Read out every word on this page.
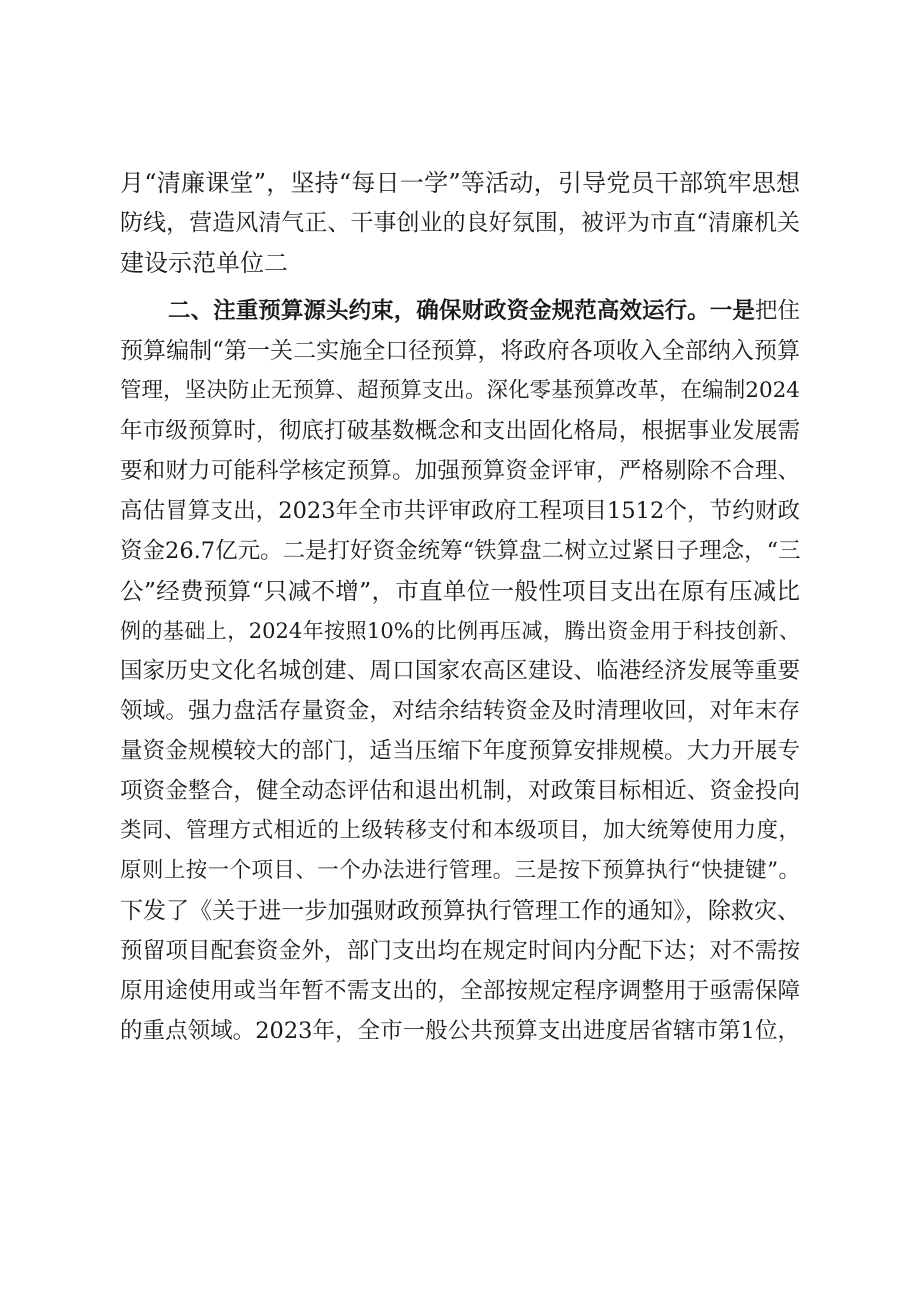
月“清廉课堂”，坚持“每日一学”等活动，引导党员干部筑牢思想
防线，营造风清气正、干事创业的良好氛围，被评为市直“清廉机关
建设示范单位二
二、注重预算源头约束，确保财政资金规范高效运行。一是把住
预算编制“第一关二实施全口径预算，将政府各项收入全部纳入预算
管理，坚决防止无预算、超预算支出。深化零基预算改革，在编制2024
年市级预算时，彻底打破基数概念和支出固化格局，根据事业发展需
要和财力可能科学核定预算。加强预算资金评审，严格剔除不合理、
高估冒算支出，2023年全市共评审政府工程项目1512个，节约财政
资金26.7亿元。二是打好资金统筹“铁算盘二树立过紧日子理念，“三
公”经费预算“只减不增”，市直单位一般性项目支出在原有压减比
例的基础上，2024年按照10%的比例再压减，腾出资金用于科技创新、
国家历史文化名城创建、周口国家农高区建设、临港经济发展等重要
领域。强力盘活存量资金，对结余结转资金及时清理收回，对年末存
量资金规模较大的部门，适当压缩下年度预算安排规模。大力开展专
项资金整合，健全动态评估和退出机制，对政策目标相近、资金投向
类同、管理方式相近的上级转移支付和本级项目，加大统筹使用力度，
原则上按一个项目、一个办法进行管理。三是按下预算执行“快捷键”。
下发了《关于进一步加强财政预算执行管理工作的通知》，除救灾、
预留项目配套资金外，部门支出均在规定时间内分配下达；对不需按
原用途使用或当年暂不需支出的，全部按规定程序调整用于亟需保障
的重点领域。2023年，全市一般公共预算支出进度居省辖市第1位，
